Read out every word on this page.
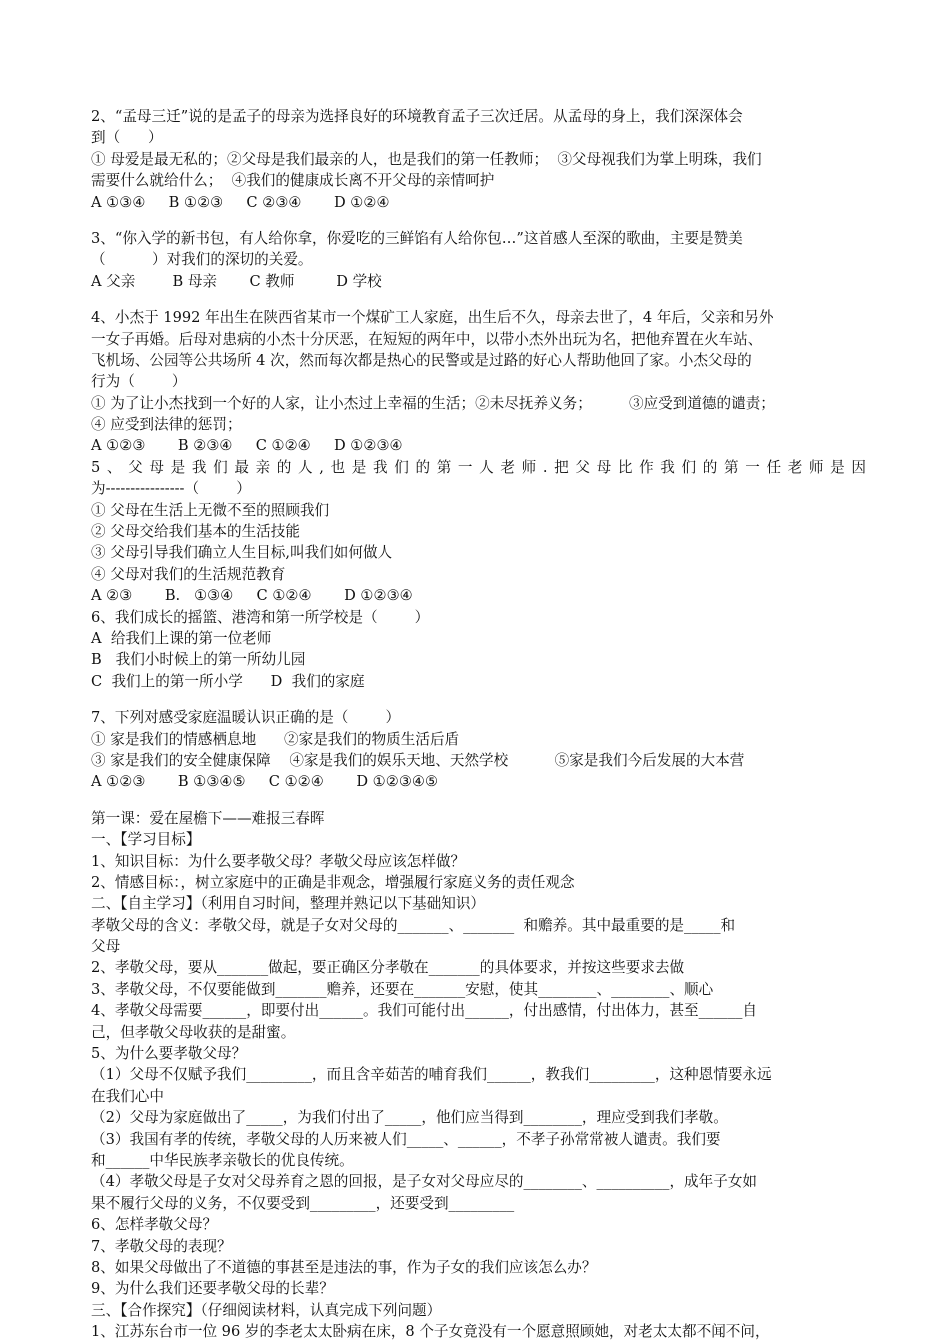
2、“孟母三迁”说的是孟子的母亲为选择良好的环境教育孟子三次迁居。从孟母的身上，我们深深体会
到（      ）
① 母爱是最无私的；②父母是我们最亲的人，也是我们的第一任教师；  ③父母视我们为掌上明珠，我们
需要什么就给什么；  ④我们的健康成长离不开父母的亲情呵护
A ①③④     B ①②③     C ②③④       D ①②④
3、“你入学的新书包，有人给你拿，你爱吃的三鲜馅有人给你包…”这首感人至深的歌曲，主要是赞美
（          ）对我们的深切的关爱。
A 父亲        B 母亲       C 教师         D 学校
4、小杰于 1992 年出生在陕西省某市一个煤矿工人家庭，出生后不久，母亲去世了，4 年后，父亲和另外
一女子再婚。后母对患病的小杰十分厌恶，在短短的两年中，以带小杰外出玩为名，把他弃置在火车站、
飞机场、公园等公共场所 4 次，然而每次都是热心的民警或是过路的好心人帮助他回了家。小杰父母的
行为（        ）
① 为了让小杰找到一个好的人家，让小杰过上幸福的生活；②未尽抚养义务；        ③应受到道德的谴责；
④ 应受到法律的惩罚；
A ①②③       B ②③④     C ①②④     D ①②③④
5、父母是我们最亲的人,也是我们的第一人老师.把父母比作我们的第一任老师是因
为----------------（        ）
① 父母在生活上无微不至的照顾我们
② 父母交给我们基本的生活技能
③ 父母引导我们确立人生目标,叫我们如何做人
④ 父母对我们的生活规范教育
A ②③       B.   ①③④     C ①②④       D ①②③④
6、我们成长的摇篮、港湾和第一所学校是（        ）
A  给我们上课的第一位老师
B   我们小时候上的第一所幼儿园
C  我们上的第一所小学      D  我们的家庭
7、下列对感受家庭温暖认识正确的是（        ）
① 家是我们的情感栖息地      ②家是我们的物质生活后盾
③ 家是我们的安全健康保障    ④家是我们的娱乐天地、天然学校          ⑤家是我们今后发展的大本营
A ①②③       B ①③④⑤     C ①②④       D ①②③④⑤
第一课：爱在屋檐下——难报三春晖
一、【学习目标】
1、知识目标：为什么要孝敬父母？孝敬父母应该怎样做？
2、情感目标：，树立家庭中的正确是非观念，增强履行家庭义务的责任观念
二、【自主学习】（利用自习时间，整理并熟记以下基础知识）
孝敬父母的含义：孝敬父母，就是子女对父母的_______、_______  和赡养。其中最重要的是_____和
父母
2、孝敬父母，要从_______做起，要正确区分孝敬在_______的具体要求，并按这些要求去做
3、孝敬父母，不仅要能做到_______赡养，还要在_______安慰，使其________、________、顺心
4、孝敬父母需要______，即要付出______。我们可能付出______，付出感情，付出体力，甚至______自
己，但孝敬父母收获的是甜蜜。
5、为什么要孝敬父母？
（1）父母不仅赋予我们_________，而且含辛茹苦的哺育我们______，教我们_________，这种恩情要永远
在我们心中
（2）父母为家庭做出了_____，为我们付出了_____，他们应当得到________，理应受到我们孝敬。
（3）我国有孝的传统，孝敬父母的人历来被人们_____、______，不孝子孙常常被人谴责。我们要
和______中华民族孝亲敬长的优良传统。
（4）孝敬父母是子女对父母养育之恩的回报，是子女对父母应尽的________、__________，成年子女如
果不履行父母的义务，不仅要受到_________，还要受到_________
6、怎样孝敬父母？
7、孝敬父母的表现？
8、如果父母做出了不道德的事甚至是违法的事，作为子女的我们应该怎么办？
9、为什么我们还要孝敬父母的长辈？
三、【合作探究】（仔细阅读材料，认真完成下列问题）
1、江苏东台市一位 96 岁的李老太太卧病在床，8 个子女竟没有一个愿意照顾她，对老太太都不闻不问，
